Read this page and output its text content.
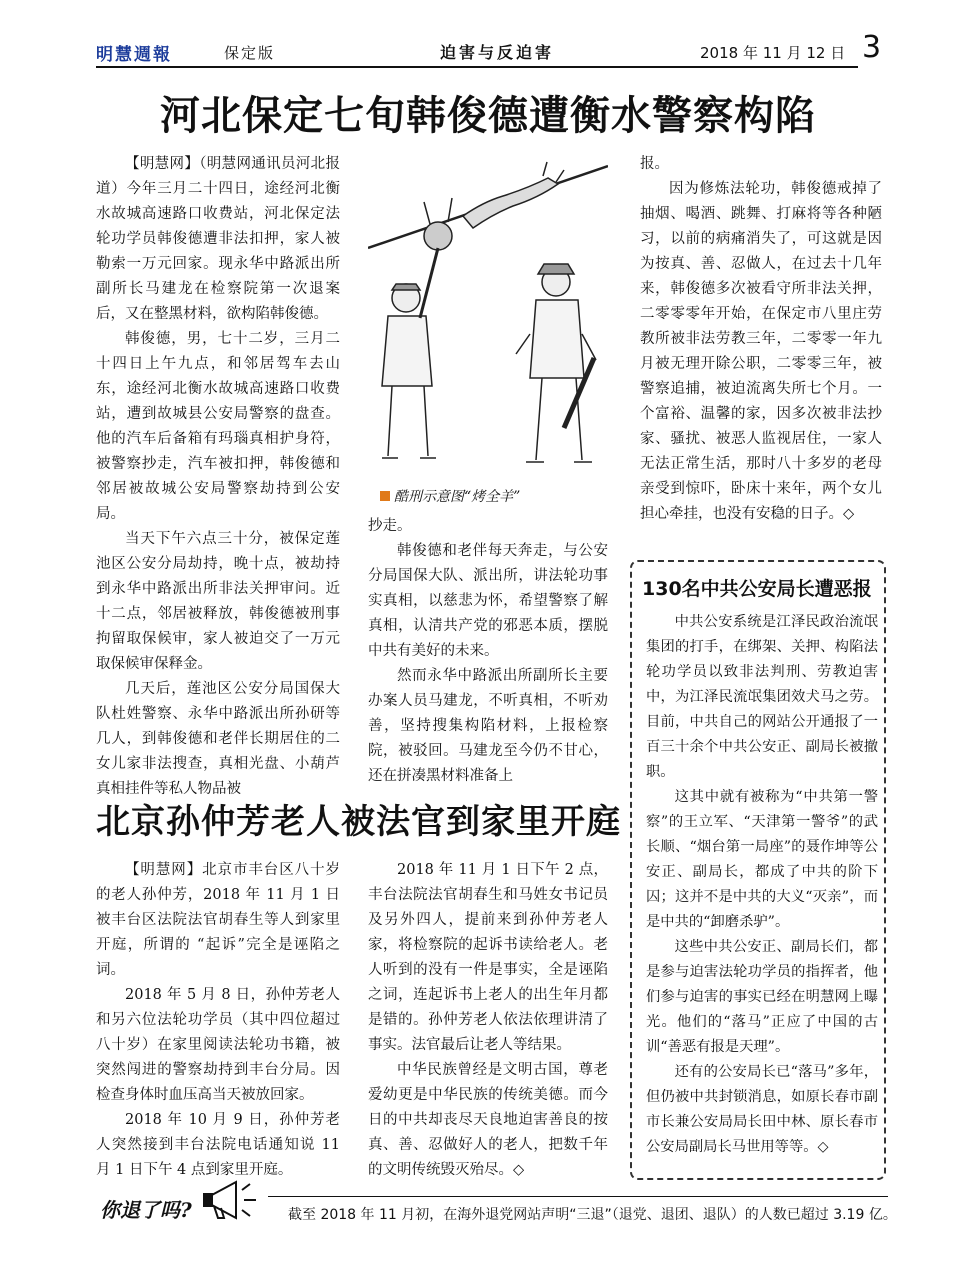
明慧週報	保定版	迫害与反迫害	2018 年 11 月 12 日 3
河北保定七旬韩俊德遭衡水警察构陷

【明慧网】（明慧网通讯员河北报道）今年三月二十四日，途经河北衡水故城高速路口收费站，河北保定法轮功学员韩俊德遭非法扣押，家人被勒索一万元回家。现永华中路派出所副所长马建龙在检察院第一次退案后，又在整黑材料，欲构陷韩俊德。

韩俊德，男，七十二岁，三月二十四日上午九点，和邻居驾车去山东，途经河北衡水故城高速路口收费站，遭到故城县公安局警察的盘查。他的汽车后备箱有玛瑙真相护身符，被警察抄走，汽车被扣押，韩俊德和邻居被故城公安局警察劫持到公安局。

当天下午六点三十分，被保定莲池区公安分局劫持，晚十点，被劫持到永华中路派出所非法关押审问。近十二点，邻居被释放，韩俊德被刑事拘留取保候审，家人被迫交了一万元取保候审保释金。

几天后，莲池区公安分局国保大队杜姓警察、永华中路派出所孙研等几人，到韩俊德和老伴长期居住的二女儿家非法搜查，真相光盘、小葫芦真相挂件等私人物品被

酷刑示意图“烤全羊”

抄走。

韩俊德和老伴每天奔走，与公安分局国保大队、派出所，讲法轮功事实真相，以慈悲为怀，希望警察了解真相，认清共产党的邪恶本质，摆脱中共有美好的未来。

然而永华中路派出所副所长主要办案人员马建龙，不听真相，不听劝善，坚持搜集构陷材料，上报检察院，被驳回。马建龙至今仍不甘心，还在拼凑黑材料准备上

报。

因为修炼法轮功，韩俊德戒掉了抽烟、喝酒、跳舞、打麻将等各种陋习，以前的病痛消失了，可这就是因为按真、善、忍做人，在过去十几年来，韩俊德多次被看守所非法关押，二零零零年开始，在保定市八里庄劳教所被非法劳教三年，二零零一年九月被无理开除公职，二零零三年，被警察追捕，被迫流离失所七个月。一个富裕、温馨的家，因多次被非法抄家、骚扰、被恶人监视居住，一家人无法正常生活，那时八十多岁的老母亲受到惊吓，卧床十来年，两个女儿担心牵挂，也没有安稳的日子。◇

130名中共公安局长遭恶报

中共公安系统是江泽民政治流氓集团的打手，在绑架、关押、构陷法轮功学员以致非法判刑、劳教迫害中，为江泽民流氓集团效犬马之劳。目前，中共自己的网站公开通报了一百三十余个中共公安正、副局长被撤职。

这其中就有被称为“中共第一警察”的王立军、“天津第一警爷”的武长顺、“烟台第一局座”的聂作坤等公安正、副局长，都成了中共的阶下囚；这并不是中共的大义“灭亲”，而是中共的“卸磨杀驴”。

这些中共公安正、副局长们，都是参与迫害法轮功学员的指挥者，他们参与迫害的事实已经在明慧网上曝光。他们的“落马”正应了中国的古训“善恶有报是天理”。

还有的公安局长已“落马”多年，但仍被中共封锁消息，如原长春市副市长兼公安局局长田中林、原长春市公安局副局长马世用等等。◇

北京孙仲芳老人被法官到家里开庭

【明慧网】北京市丰台区八十岁的老人孙仲芳，2018 年 11 月 1 日被丰台区法院法官胡春生等人到家里开庭，所谓的 “起诉”完全是诬陷之词。

2018 年 5 月 8 日，孙仲芳老人和另六位法轮功学员（其中四位超过八十岁）在家里阅读法轮功书籍，被突然闯进的警察劫持到丰台分局。因检查身体时血压高当天被放回家。

2018 年 10 月 9 日，孙仲芳老人突然接到丰台法院电话通知说 11 月 1 日下午 4 点到家里开庭。

2018 年 11 月 1 日下午 2 点，丰台法院法官胡春生和马姓女书记员及另外四人，提前来到孙仲芳老人家，将检察院的起诉书读给老人。老人听到的没有一件是事实，全是诬陷之词，连起诉书上老人的出生年月都是错的。孙仲芳老人依法依理讲清了事实。法官最后让老人等结果。

中华民族曾经是文明古国，尊老爱幼更是中华民族的传统美德。而今日的中共却丧尽天良地迫害善良的按真、善、忍做好人的老人，把数千年的文明传统毁灭殆尽。◇

你退了吗?	截至 2018 年 11 月初，在海外退党网站声明“三退”（退党、退团、退队）的人数已超过 3.19 亿。
